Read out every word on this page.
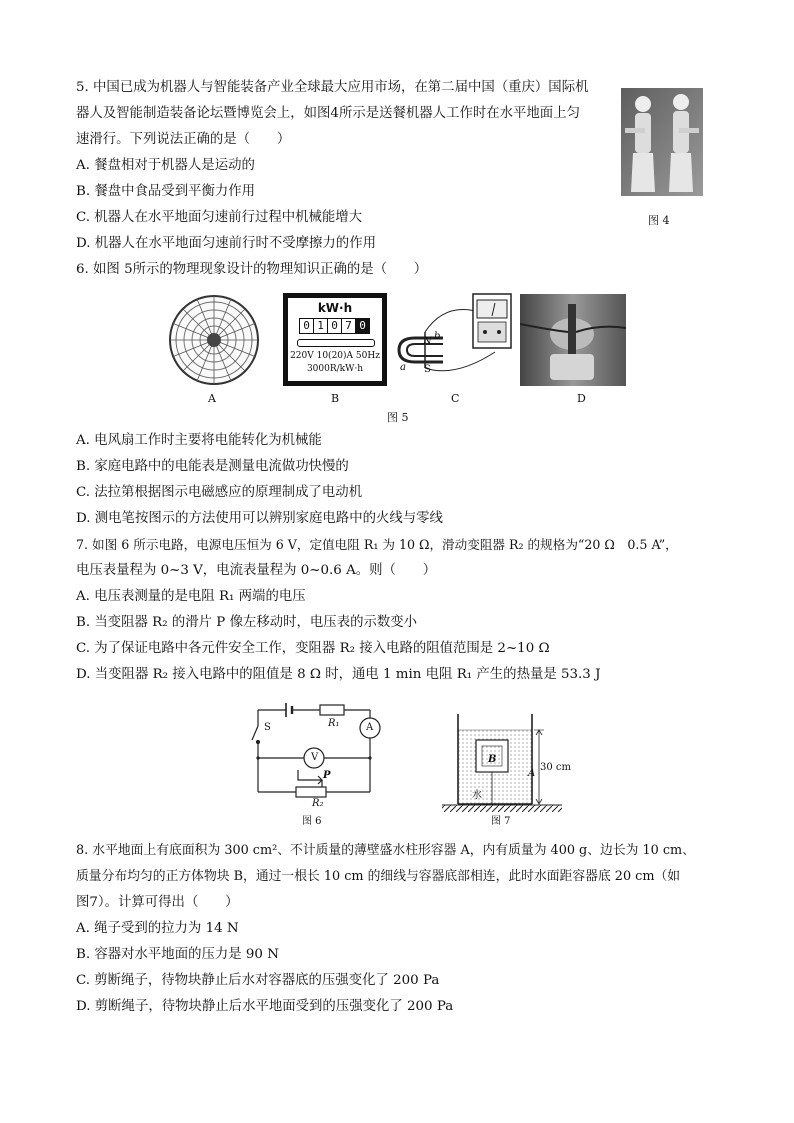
5. 中国已成为机器人与智能装备产业全球最大应用市场，在第二届中国（重庆）国际机
器人及智能制造装备论坛暨博览会上，如图4所示是送餐机器人工作时在水平地面上匀
速滑行。下列说法正确的是（　　）
A. 餐盘相对于机器人是运动的
B. 餐盘中食品受到平衡力作用
C. 机器人在水平地面匀速前行过程中机械能增大
D. 机器人在水平地面匀速前行时不受摩擦力的作用
图 4
6. 如图 5所示的物理现象设计的物理知识正确的是（　　）
A
kW·h
0 1 0 7 0
220V 10(20)A 50Hz
3000R/kW·h
B
N b
a S
C	D
图 5
A. 电风扇工作时主要将电能转化为机械能
B. 家庭电路中的电能表是测量电流做功快慢的
C. 法拉第根据图示电磁感应的原理制成了电动机
D. 测电笔按图示的方法使用可以辨别家庭电路中的火线与零线
7. 如图 6 所示电路，电源电压恒为 6 V，定值电阻 R₁ 为 10 Ω，滑动变阻器 R₂ 的规格为“20 Ω　0.5 A”，
电压表量程为 0~3 V，电流表量程为 0~0.6 A。则（　　）
A. 电压表测量的是电阻 R₁ 两端的电压
B. 当变阻器 R₂ 的滑片 P 像左移动时，电压表的示数变小
C. 为了保证电路中各元件安全工作，变阻器 R₂ 接入电路的阻值范围是 2~10 Ω
D. 当变阻器 R₂ 接入电路中的阻值是 8 Ω 时，通电 1 min 电阻 R₁ 产生的热量是 53.3 J
S	R₁
V
A
P
R₂
图 6
B
A
水
30 cm
图 7
8. 水平地面上有底面积为 300 cm²、不计质量的薄壁盛水柱形容器 A，内有质量为 400 g、边长为 10 cm、
质量分布均匀的正方体物块 B，通过一根长 10 cm 的细线与容器底部相连，此时水面距容器底 20 cm（如
图7）。计算可得出（　　）
A. 绳子受到的拉力为 14 N
B. 容器对水平地面的压力是 90 N
C. 剪断绳子，待物块静止后水对容器底的压强变化了 200 Pa
D. 剪断绳子，待物块静止后水平地面受到的压强变化了 200 Pa
